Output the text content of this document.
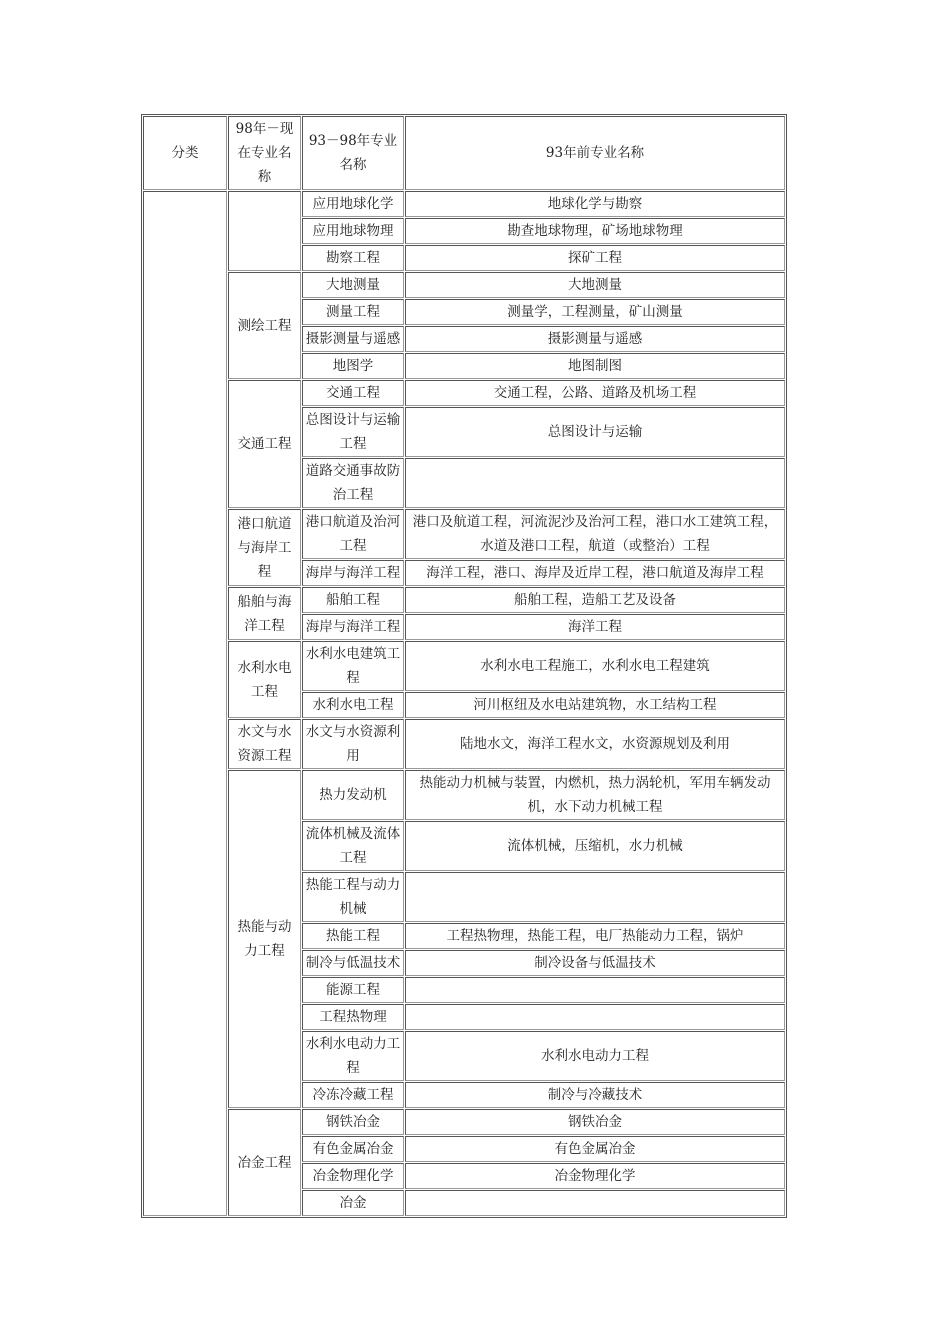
分类	98年－现在专业名称	93－98年专业名称	93年前专业名称
		应用地球化学	地球化学与勘察
		应用地球物理	勘查地球物理，矿场地球物理
		勘察工程	探矿工程
	测绘工程	大地测量	大地测量
		测量工程	测量学，工程测量，矿山测量
		摄影测量与遥感	摄影测量与遥感
		地图学	地图制图
	交通工程	交通工程	交通工程，公路、道路及机场工程
		总图设计与运输工程	总图设计与运输
		道路交通事故防治工程	
	港口航道与海岸工程	港口航道及治河工程	港口及航道工程，河流泥沙及治河工程，港口水工建筑工程，水道及港口工程，航道（或整治）工程
		海岸与海洋工程	海洋工程，港口、海岸及近岸工程，港口航道及海岸工程
	船舶与海洋工程	船舶工程	船舶工程，造船工艺及设备
		海岸与海洋工程	海洋工程
	水利水电工程	水利水电建筑工程	水利水电工程施工，水利水电工程建筑
		水利水电工程	河川枢纽及水电站建筑物，水工结构工程
	水文与水资源工程	水文与水资源利用	陆地水文，海洋工程水文，水资源规划及利用
	热能与动力工程	热力发动机	热能动力机械与装置，内燃机，热力涡轮机，军用车辆发动机，水下动力机械工程
		流体机械及流体工程	流体机械，压缩机，水力机械
		热能工程与动力机械	
		热能工程	工程热物理，热能工程，电厂热能动力工程，锅炉
		制冷与低温技术	制冷设备与低温技术
		能源工程	
		工程热物理	
		水利水电动力工程	水利水电动力工程
		冷冻冷藏工程	制冷与冷藏技术
	冶金工程	钢铁冶金	钢铁冶金
		有色金属冶金	有色金属冶金
		冶金物理化学	冶金物理化学
		冶金	
